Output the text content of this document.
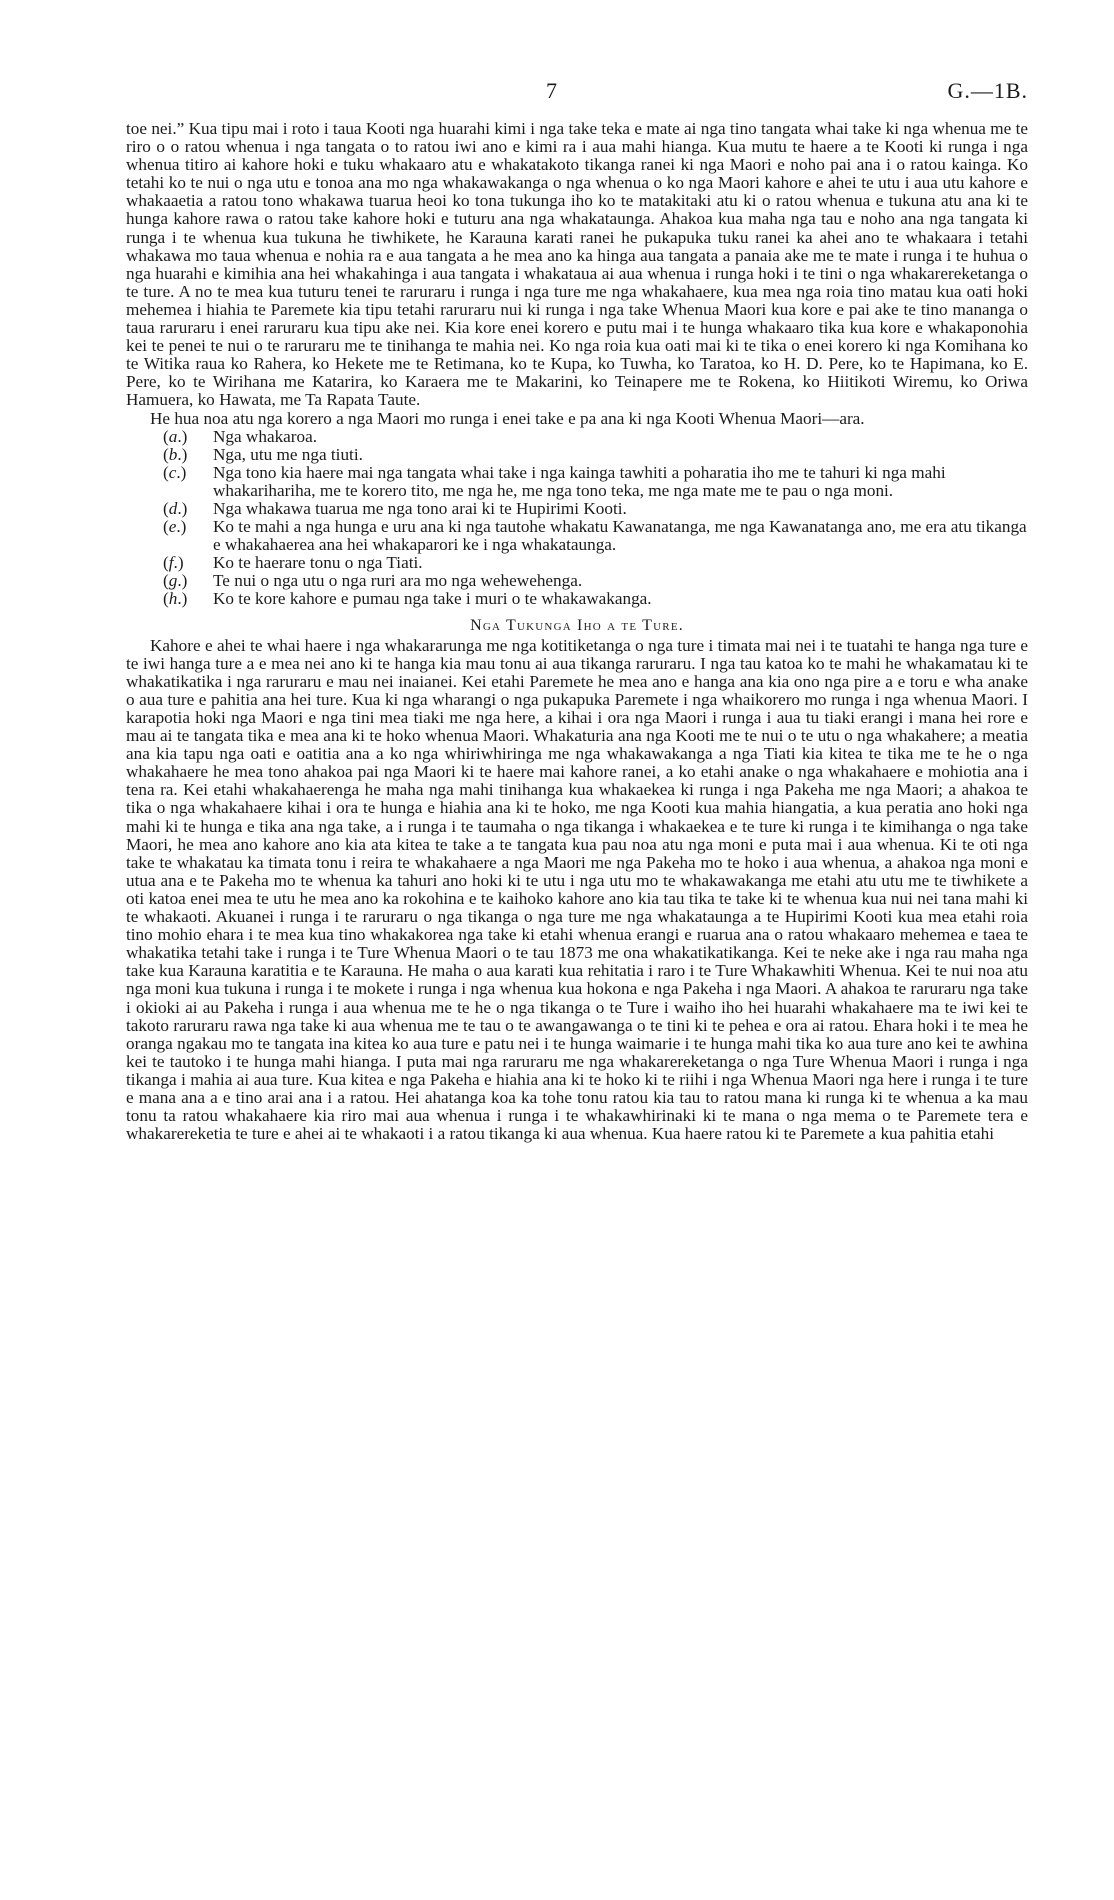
7	G.—1B.

toe nei.” Kua tipu mai i roto i taua Kooti nga huarahi kimi i nga take teka e mate ai nga tino tangata whai take ki nga whenua me te riro o o ratou whenua i nga tangata o to ratou iwi ano e kimi ra i aua mahi hianga. Kua mutu te haere a te Kooti ki runga i nga whenua titiro ai kahore hoki e tuku whakaaro atu e whakatakoto tikanga ranei ki nga Maori e noho pai ana i o ratou kainga. Ko tetahi ko te nui o nga utu e tonoa ana mo nga whakawakanga o nga whenua o ko nga Maori kahore e ahei te utu i aua utu kahore e whakaaetia a ratou tono whakawa tuarua heoi ko tona tukunga iho ko te matakitaki atu ki o ratou whenua e tukuna atu ana ki te hunga kahore rawa o ratou take kahore hoki e tuturu ana nga whakataunga. Ahakoa kua maha nga tau e noho ana nga tangata ki runga i te whenua kua tukuna he tiwhikete, he Karauna karati ranei he pukapuka tuku ranei ka ahei ano te whakaara i tetahi whakawa mo taua whenua e nohia ra e aua tangata a he mea ano ka hinga aua tangata a panaia ake me te mate i runga i te huhua o nga huarahi e kimihia ana hei whakahinga i aua tangata i whakataua ai aua whenua i runga hoki i te tini o nga whakarereketanga o te ture. A no te mea kua tuturu tenei te raruraru i runga i nga ture me nga whakahaere, kua mea nga roia tino matau kua oati hoki mehemea i hiahia te Paremete kia tipu tetahi raruraru nui ki runga i nga take Whenua Maori kua kore e pai ake te tino mananga o taua raruraru i enei raruraru kua tipu ake nei. Kia kore enei korero e putu mai i te hunga whakaaro tika kua kore e whakaponohia kei te penei te nui o te raruraru me te tinihanga te mahia nei. Ko nga roia kua oati mai ki te tika o enei korero ki nga Komihana ko te Witika raua ko Rahera, ko Hekete me te Retimana, ko te Kupa, ko Tuwha, ko Taratoa, ko H. D. Pere, ko te Hapimana, ko E. Pere, ko te Wirihana me Katarira, ko Karaera me te Makarini, ko Teinapere me te Rokena, ko Hiitikoti Wiremu, ko Oriwa Hamuera, ko Hawata, me Ta Rapata Taute.

He hua noa atu nga korero a nga Maori mo runga i enei take e pa ana ki nga Kooti Whenua Maori—ara.

(a.) Nga whakaroa.
(b.) Nga, utu me nga tiuti.
(c.) Nga tono kia haere mai nga tangata whai take i nga kainga tawhiti a poharatia iho me te tahuri ki nga mahi whakarihariha, me te korero tito, me nga he, me nga tono teka, me nga mate me te pau o nga moni.
(d.) Nga whakawa tuarua me nga tono arai ki te Hupirimi Kooti.
(e.) Ko te mahi a nga hunga e uru ana ki nga tautohe whakatu Kawanatanga, me nga Kawanatanga ano, me era atu tikanga e whakahaerea ana hei whakaparori ke i nga whakataunga.
(f.) Ko te haerare tonu o nga Tiati.
(g.) Te nui o nga utu o nga ruri ara mo nga wehewehenga.
(h.) Ko te kore kahore e pumau nga take i muri o te whakawakanga.
Nga Tukunga Iho a te Ture.

Kahore e ahei te whai haere i nga whakararunga me nga kotitiketanga o nga ture i timata mai nei i te tuatahi te hanga nga ture e te iwi hanga ture a e mea nei ano ki te hanga kia mau tonu ai aua tikanga raruraru. I nga tau katoa ko te mahi he whakamatau ki te whakatikatika i nga raruraru e mau nei inaianei. Kei etahi Paremete he mea ano e hanga ana kia ono nga pire a e toru e wha anake o aua ture e pahitia ana hei ture. Kua ki nga wharangi o nga pukapuka Paremete i nga whaikorero mo runga i nga whenua Maori. I karapotia hoki nga Maori e nga tini mea tiaki me nga here, a kihai i ora nga Maori i runga i aua tu tiaki erangi i mana hei rore e mau ai te tangata tika e mea ana ki te hoko whenua Maori. Whakaturia ana nga Kooti me te nui o te utu o nga whakahere; a meatia ana kia tapu nga oati e oatitia ana a ko nga whiriwhiringa me nga whakawakanga a nga Tiati kia kitea te tika me te he o nga whakahaere he mea tono ahakoa pai nga Maori ki te haere mai kahore ranei, a ko etahi anake o nga whakahaere e mohiotia ana i tena ra. Kei etahi whakahaerenga he maha nga mahi tinihanga kua whakaekea ki runga i nga Pakeha me nga Maori; a ahakoa te tika o nga whakahaere kihai i ora te hunga e hiahia ana ki te hoko, me nga Kooti kua mahia hiangatia, a kua peratia ano hoki nga mahi ki te hunga e tika ana nga take, a i runga i te taumaha o nga tikanga i whakaekea e te ture ki runga i te kimihanga o nga take Maori, he mea ano kahore ano kia ata kitea te take a te tangata kua pau noa atu nga moni e puta mai i aua whenua. Ki te oti nga take te whakatau ka timata tonu i reira te whakahaere a nga Maori me nga Pakeha mo te hoko i aua whenua, a ahakoa nga moni e utua ana e te Pakeha mo te whenua ka tahuri ano hoki ki te utu i nga utu mo te whakawakanga me etahi atu utu me te tiwhikete a oti katoa enei mea te utu he mea ano ka rokohina e te kaihoko kahore ano kia tau tika te take ki te whenua kua nui nei tana mahi ki te whakaoti. Akuanei i runga i te raruraru o nga tikanga o nga ture me nga whakataunga a te Hupirimi Kooti kua mea etahi roia tino mohio ehara i te mea kua tino whakakorea nga take ki etahi whenua erangi e ruarua ana o ratou whakaaro mehemea e taea te whakatika tetahi take i runga i te Ture Whenua Maori o te tau 1873 me ona whakatikatikanga. Kei te neke ake i nga rau maha nga take kua Karauna karatitia e te Karauna. He maha o aua karati kua rehitatia i raro i te Ture Whakawhiti Whenua. Kei te nui noa atu nga moni kua tukuna i runga i te mokete i runga i nga whenua kua hokona e nga Pakeha i nga Maori. A ahakoa te raruraru nga take i okioki ai au Pakeha i runga i aua whenua me te he o nga tikanga o te Ture i waiho iho hei huarahi whakahaere ma te iwi kei te takoto raruraru rawa nga take ki aua whenua me te tau o te awangawanga o te tini ki te pehea e ora ai ratou. Ehara hoki i te mea he oranga ngakau mo te tangata ina kitea ko aua ture e patu nei i te hunga waimarie i te hunga mahi tika ko aua ture ano kei te awhina kei te tautoko i te hunga mahi hianga. I puta mai nga raruraru me nga whakarereketanga o nga Ture Whenua Maori i runga i nga tikanga i mahia ai aua ture. Kua kitea e nga Pakeha e hiahia ana ki te hoko ki te riihi i nga Whenua Maori nga here i runga i te ture e mana ana a e tino arai ana i a ratou. Hei ahatanga koa ka tohe tonu ratou kia tau to ratou mana ki runga ki te whenua a ka mau tonu ta ratou whakahaere kia riro mai aua whenua i runga i te whakawhirinaki ki te mana o nga mema o te Paremete tera e whakarereketia te ture e ahei ai te whakaoti i a ratou tikanga ki aua whenua. Kua haere ratou ki te Paremete a kua pahitia etahi
